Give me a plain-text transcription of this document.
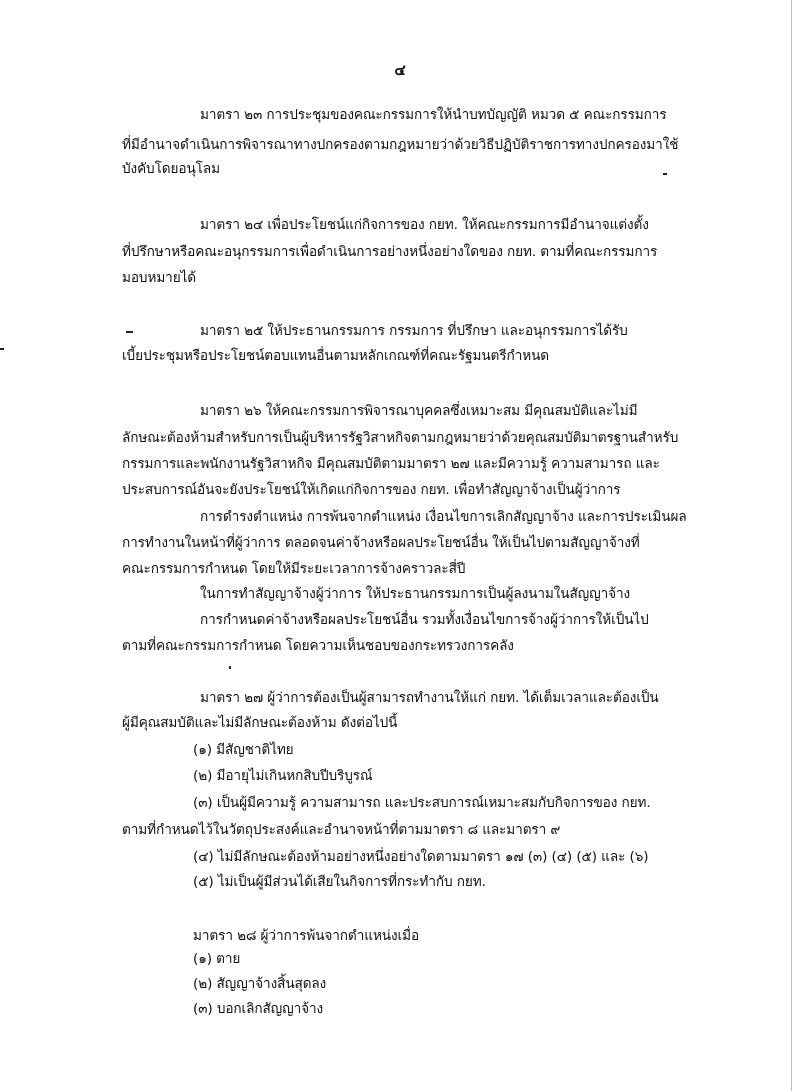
๔
มาตรา ๒๓ การประชุมของคณะกรรมการให้นำบทบัญญัติ หมวด ๕ คณะกรรมการ
ที่มีอำนาจดำเนินการพิจารณาทางปกครองตามกฎหมายว่าด้วยวิธีปฏิบัติราชการทางปกครองมาใช้
บังคับโดยอนุโลม
มาตรา ๒๔ เพื่อประโยชน์แก่กิจการของ กยท. ให้คณะกรรมการมีอำนาจแต่งตั้ง
ที่ปรึกษาหรือคณะอนุกรรมการเพื่อดำเนินการอย่างหนึ่งอย่างใดของ กยท. ตามที่คณะกรรมการ
มอบหมายได้
มาตรา ๒๕ ให้ประธานกรรมการ กรรมการ ที่ปรึกษา และอนุกรรมการได้รับ
เบี้ยประชุมหรือประโยชน์ตอบแทนอื่นตามหลักเกณฑ์ที่คณะรัฐมนตรีกำหนด
มาตรา ๒๖ ให้คณะกรรมการพิจารณาบุคคลซึ่งเหมาะสม มีคุณสมบัติและไม่มี
ลักษณะต้องห้ามสำหรับการเป็นผู้บริหารรัฐวิสาหกิจตามกฎหมายว่าด้วยคุณสมบัติมาตรฐานสำหรับ
กรรมการและพนักงานรัฐวิสาหกิจ มีคุณสมบัติตามมาตรา ๒๗ และมีความรู้ ความสามารถ และ
ประสบการณ์อันจะยังประโยชน์ให้เกิดแก่กิจการของ กยท. เพื่อทำสัญญาจ้างเป็นผู้ว่าการ
การดำรงตำแหน่ง การพ้นจากตำแหน่ง เงื่อนไขการเลิกสัญญาจ้าง และการประเมินผล
การทำงานในหน้าที่ผู้ว่าการ ตลอดจนค่าจ้างหรือผลประโยชน์อื่น ให้เป็นไปตามสัญญาจ้างที่
คณะกรรมการกำหนด โดยให้มีระยะเวลาการจ้างคราวละสี่ปี
ในการทำสัญญาจ้างผู้ว่าการ ให้ประธานกรรมการเป็นผู้ลงนามในสัญญาจ้าง
การกำหนดค่าจ้างหรือผลประโยชน์อื่น รวมทั้งเงื่อนไขการจ้างผู้ว่าการให้เป็นไป
ตามที่คณะกรรมการกำหนด โดยความเห็นชอบของกระทรวงการคลัง
มาตรา ๒๗ ผู้ว่าการต้องเป็นผู้สามารถทำงานให้แก่ กยท. ได้เต็มเวลาและต้องเป็น
ผู้มีคุณสมบัติและไม่มีลักษณะต้องห้าม ดังต่อไปนี้
(๑) มีสัญชาติไทย
(๒) มีอายุไม่เกินหกสิบปีบริบูรณ์
(๓) เป็นผู้มีความรู้ ความสามารถ และประสบการณ์เหมาะสมกับกิจการของ กยท.
ตามที่กำหนดไว้ในวัตถุประสงค์และอำนาจหน้าที่ตามมาตรา ๘ และมาตรา ๙
(๔) ไม่มีลักษณะต้องห้ามอย่างหนึ่งอย่างใดตามมาตรา ๑๗ (๓) (๔) (๕) และ (๖)
(๕) ไม่เป็นผู้มีส่วนได้เสียในกิจการที่กระทำกับ กยท.
มาตรา ๒๘ ผู้ว่าการพ้นจากตำแหน่งเมื่อ
(๑) ตาย
(๒) สัญญาจ้างสิ้นสุดลง
(๓) บอกเลิกสัญญาจ้าง
